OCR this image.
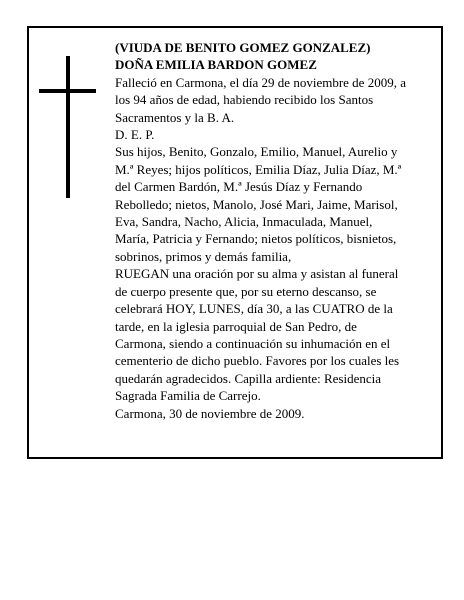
(VIUDA DE BENITO GOMEZ GONZALEZ)
DOÑA EMILIA BARDON GOMEZ
Falleció en Carmona, el día 29 de noviembre de 2009, a
los 94 años de edad, habiendo recibido los Santos
Sacramentos y la B. A.
D. E. P.
Sus hijos, Benito, Gonzalo, Emilio, Manuel, Aurelio y
M.ª Reyes; hijos políticos, Emilia Díaz, Julia Díaz, M.ª
del Carmen Bardón, M.ª Jesús Díaz y Fernando
Rebolledo; nietos, Manolo, José Mari, Jaime, Marisol,
Eva, Sandra, Nacho, Alicia, Inmaculada, Manuel,
María, Patricia y Fernando; nietos políticos, bisnietos,
sobrinos, primos y demás familia,
RUEGAN una oración por su alma y asistan al funeral
de cuerpo presente que, por su eterno descanso, se
celebrará HOY, LUNES, día 30, a las CUATRO de la
tarde, en la iglesia parroquial de San Pedro, de
Carmona, siendo a continuación su inhumación en el
cementerio de dicho pueblo. Favores por los cuales les
quedarán agradecidos. Capilla ardiente: Residencia
Sagrada Familia de Carrejo.
Carmona, 30 de noviembre de 2009.
